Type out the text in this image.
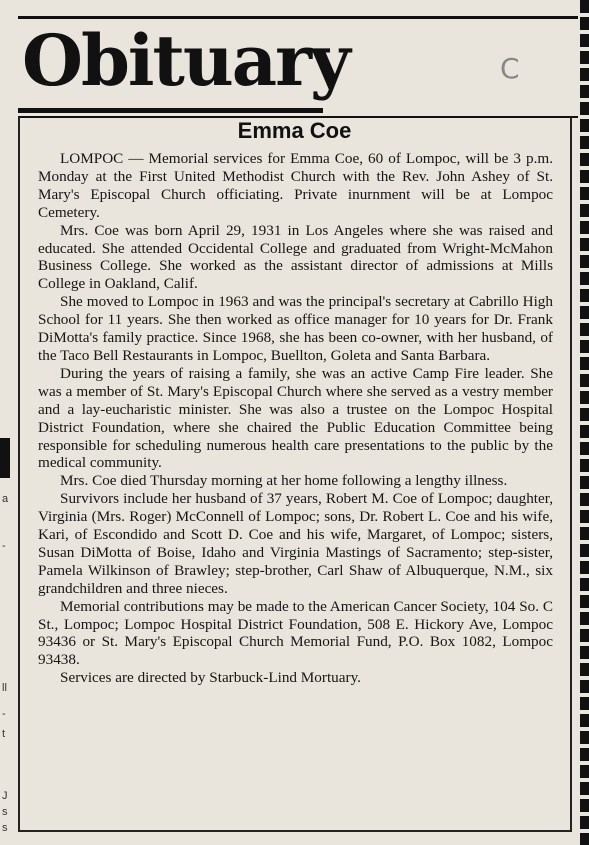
Obituary	C
a
-
ll
-
t
J
s
s
Emma Coe

LOMPOC — Memorial services for Emma Coe, 60 of Lompoc, will be 3 p.m. Monday at the First United Methodist Church with the Rev. John Ashey of St. Mary's Episcopal Church officiating. Private inurnment will be at Lompoc Cemetery.

Mrs. Coe was born April 29, 1931 in Los Angeles where she was raised and educated. She attended Occidental College and graduated from Wright-McMahon Business College. She worked as the assistant director of admissions at Mills College in Oakland, Calif.

She moved to Lompoc in 1963 and was the principal's secretary at Cabrillo High School for 11 years. She then worked as office manager for 10 years for Dr. Frank DiMotta's family practice. Since 1968, she has been co-owner, with her husband, of the Taco Bell Restaurants in Lompoc, Buellton, Goleta and Santa Barbara.

During the years of raising a family, she was an active Camp Fire leader. She was a member of St. Mary's Episcopal Church where she served as a vestry member and a lay-eucharistic minister. She was also a trustee on the Lompoc Hospital District Foundation, where she chaired the Public Education Committee being responsible for scheduling numerous health care presentations to the public by the medical community.

Mrs. Coe died Thursday morning at her home following a lengthy illness.

Survivors include her husband of 37 years, Robert M. Coe of Lompoc; daughter, Virginia (Mrs. Roger) McConnell of Lompoc; sons, Dr. Robert L. Coe and his wife, Kari, of Escondido and Scott D. Coe and his wife, Margaret, of Lompoc; sisters, Susan DiMotta of Boise, Idaho and Virginia Mastings of Sacramento; step-sister, Pamela Wilkinson of Brawley; step-brother, Carl Shaw of Albuquerque, N.M., six grandchildren and three nieces.

Memorial contributions may be made to the American Cancer Society, 104 So. C St., Lompoc; Lompoc Hospital District Foundation, 508 E. Hickory Ave, Lompoc 93436 or St. Mary's Episcopal Church Memorial Fund, P.O. Box 1082, Lompoc 93438.

Services are directed by Starbuck-Lind Mortuary.
